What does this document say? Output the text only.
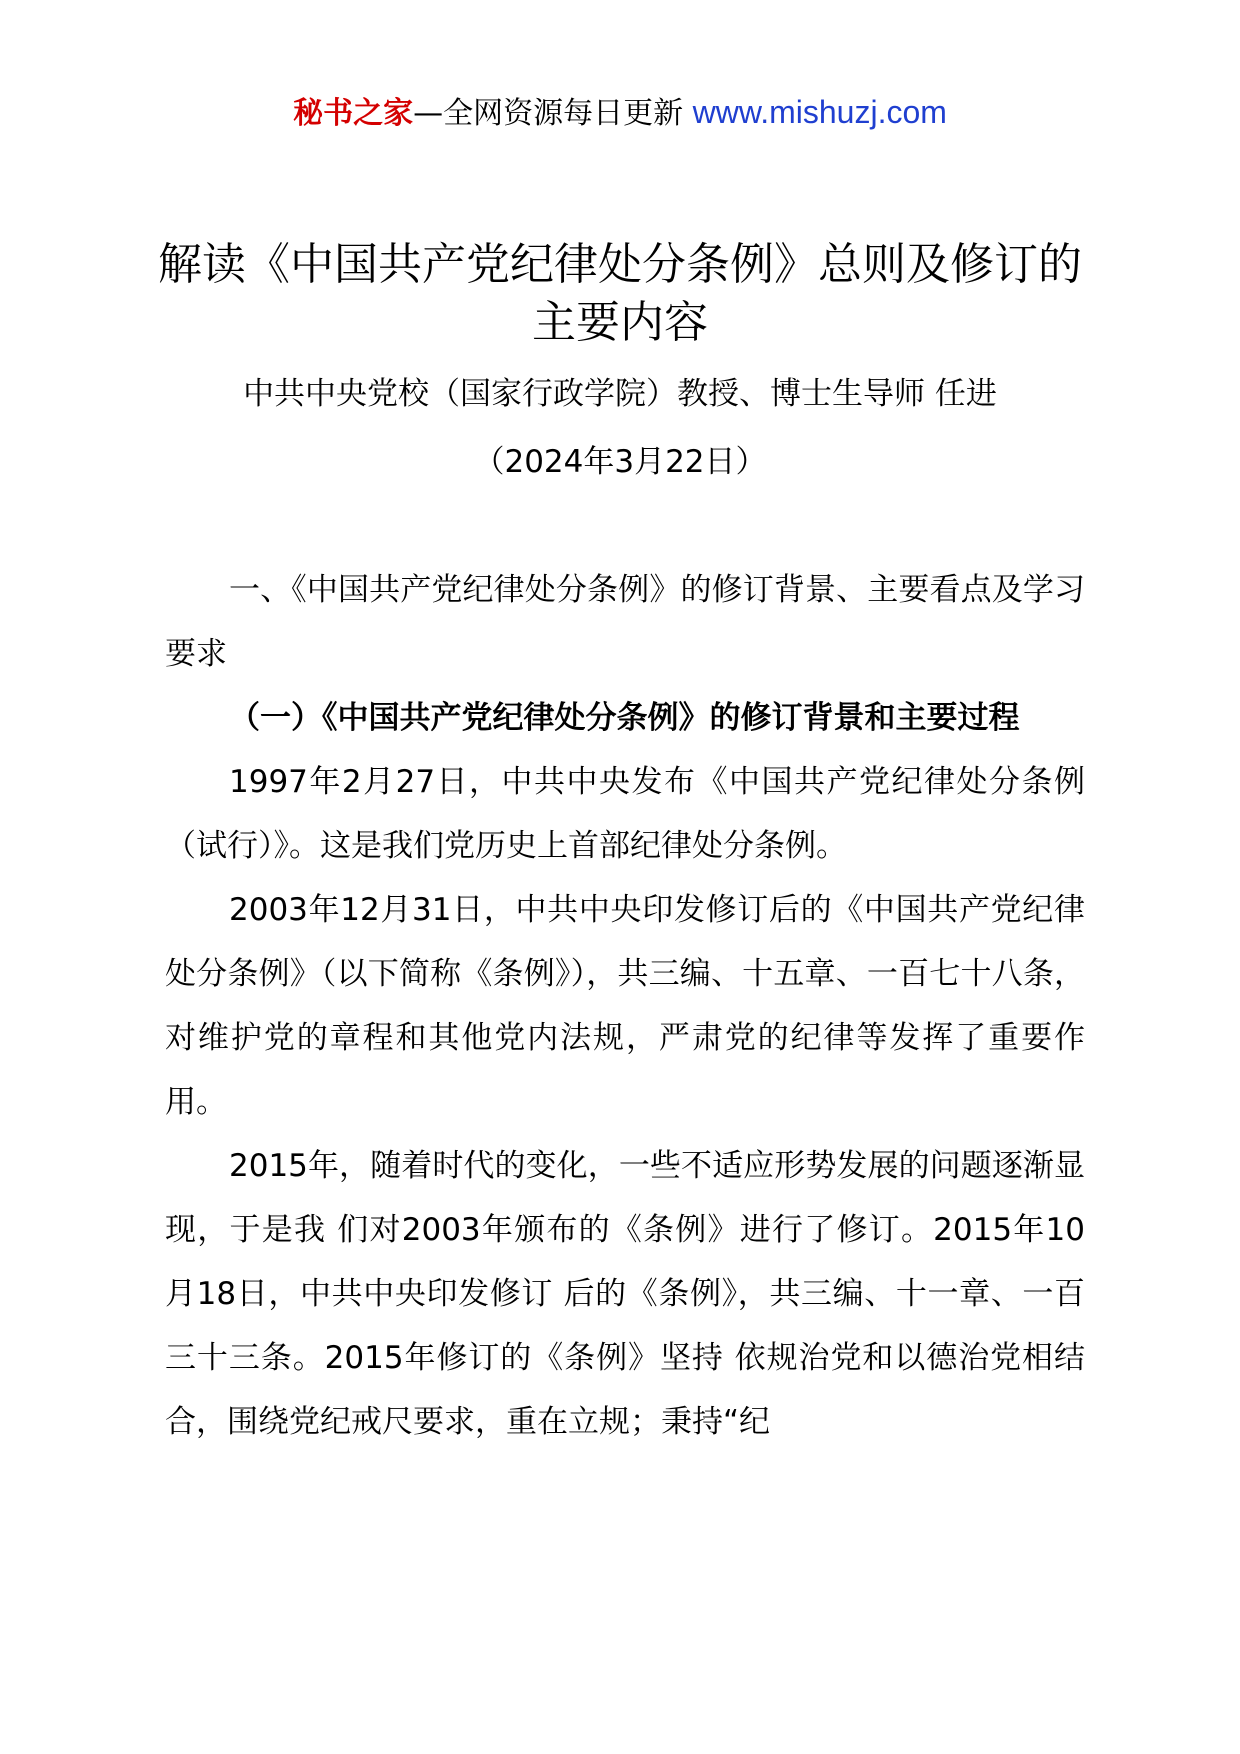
秘书之家—全网资源每日更新 www.mishuzj.com
解读《中国共产党纪律处分条例》总则及修订的主要内容
中共中央党校（国家行政学院）教授、博士生导师 任进
（2024年3月22日）

一、《中国共产党纪律处分条例》的修订背景、主要看点及学习要求

（一）《中国共产党纪律处分条例》的修订背景和主要过程

1997年2月27日，中共中央发布《中国共产党纪律处分条例（试行）》。这是我们党历史上首部纪律处分条例。

2003年12月31日，中共中央印发修订后的《中国共产党纪律处分条例》（以下简称《条例》），共三编、十五章、一百七十八条，对维护党的章程和其他党内法规，严肃党的纪律等发挥了重要作用。

2015年，随着时代的变化，一些不适应形势发展的问题逐渐显现，于是我 们对2003年颁布的《条例》进行了修订。2015年10月18日，中共中央印发修订 后的《条例》，共三编、十一章、一百三十三条。2015年修订的《条例》坚持 依规治党和以德治党相结合，围绕党纪戒尺要求，重在立规；秉持“纪
